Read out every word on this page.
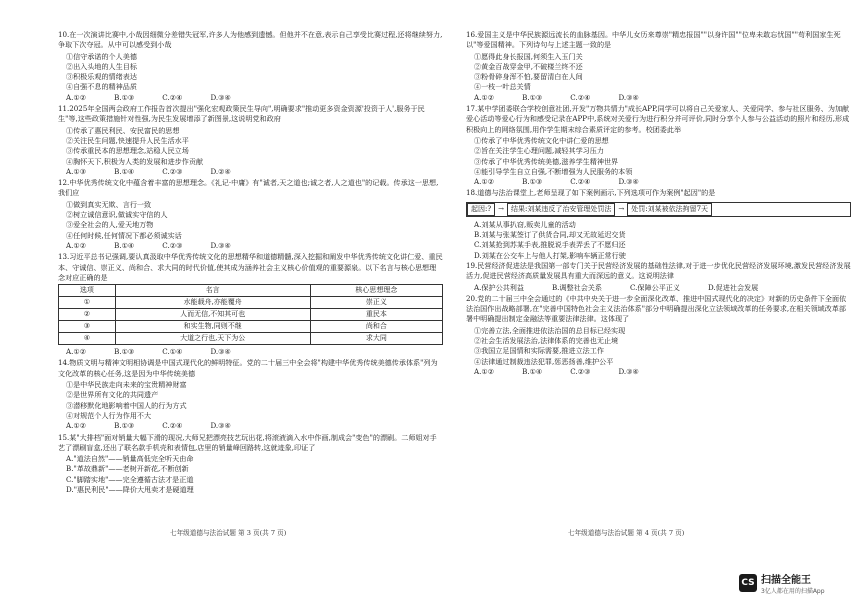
10.在一次演讲比赛中,小哉因细微分差错失冠军,许多人为他感到遗憾。但他并不在意,表示自己享受比赛过程,还将继续努力,争取下次夺冠。从中可以感受到小哉
①信守承诺的个人美德
②出入头地的人生目标
③积极乐观的情绪表达
④自强不息的精神品质
A.①②	B.①③	C.②④	D.③④
11.2025年全国两会政府工作报告首次提出"强化宏观政策民生导向",明确要求"推动更多资金资源'投资于人',服务于民生"等,这些政策措施针对性强,为民生发展增添了新图景,这说明党和政府
①传承了惠民利民、安民富民的思想
②关注民生问题,快速提升人民生活水平
③传承重民本的思想理念,站稳人民立场
④胸怀天下,积极为人类的发展和进步作贡献
A.①③	B.①④	C.②③	D.②④
12.中华优秀传统文化中蕴含着丰富的思想理念。《礼记·中庸》有"诚者,天之道也;诚之者,人之道也"的记载。传承这一思想,我们应
①做到真实无欺、言行一致
②树立诚信意识,做诚实守信的人
③爱全社会的人,爱天地万物
④任何时候,任何情况下都必须诚实话
A.①②	B.①④	C.②③	D.③④
13.习近平总书记强调,要认真汲取中华优秀传统文化的思想精华和道德精髓,深入挖掘和阐发中华优秀传统文化讲仁爱、重民本、守诚信、崇正义、尚和合、求大同的时代价值,使其成为涵养社会主义核心价值观的重要源泉。以下名言与核心思想理念对应正确的是
选项	名言	核心思想理念
①	水能载舟,亦能覆舟	崇正义
②	人而无信,不知其可也	重民本
③	和实生物,同则不继	尚和合
④	大道之行也,天下为公	求大同
A.①②	B.①③	C.①④	D.③④
14.物质文明与精神文明相协调是中国式现代化的鲜明特征。党的二十届三中全会将"构建中华优秀传统美德传承体系"列为文化改革的核心任务,这是因为中华传统美德
①是中华民族走向未来的宝贵精神财富
②是世界所有文化的共同遗产
③潜移默化地影响着中国人的行为方式
④对规范个人行为作用不大
A.①②	B.①③	C.②④	D.③④
15.某"大排档"面对销量大幅下滑的现况,大师兄把漂亮技艺玩出花,将滚液滴入水中作画,制成会"变色"的漂刷。二师姐对手艺了漂刷盲盒,还出了联名款手机壳和表情包,店里的销量峰回路转,这就迹象,印证了
A."道法自然"——销量高低完全听天由命
B."革故鼎新"——老树开新花,不断创新
C."脚踏实地"——完全遵循古法才是正道
D."惠民利民"——降价大甩卖才是硬道理
七年级道德与法治试题 第 3 页(共 7 页)
16.爱国主义是中华民族源远流长的血脉基因。中华儿女历来尊崇"精忠报国""以身许国""位卑未敢忘忧国""苟利国家生死以"等爱国精神。下列诗句与上述主题一致的是
①愿得此身长报国,何须生入玉门关
②黄金百战穿金甲,不破楼兰终不还
③粉骨碎身浑不怕,要留清白在人间
④一枝一叶总关情
A.①②	B.①③	C.②④	D.③④
17.某中学团委联合学校创意社团,开发"万物共情力"成长APP,同学可以将自己关爱家人、关爱同学、参与社区服务、为加献爱心活动等爱心行为和感受记录在APP中,系统对关爱行为进行积分并可评价,同时分享个人参与公益活动的照片和经历,形成积极向上的网络氛围,用作学生期末综合素质评定的参考。校团委此举
①传承了中华优秀传统文化中讲仁爱的思想
②旨在关注学生心理问题,减轻其学习压力
③传承了中华优秀传统美德,滋养学生精神世界
④能引导学生自立自强,不断增强为人民服务的本领
A.①②	B.①③	C.②④	D.③④
18.道德与法治课堂上,老师呈现了如下案例画示,下列选项可作为案例"起因"的是
起因:?	→	结果:刘某违反了治安管理处罚法	→	处罚:刘某被依法拘留7天
A.刘某从事扒窃,贩卖儿童的活动
B.刘某与张某签订了供货合同,却又无故延迟交货
C.刘某抢到苏某手表,推脱说手表弄丢了不愿归还
D.刘某在公交车上与他人打架,影响车辆正常行驶
19.民营经济促进法是我国第一部专门关于民营经济发展的基础性法律,对于进一步优化民营经济发展环境,激发民营经济发展活力,促进民营经济高质量发展具有重大而深远的意义。这说明法律
A.保护公共利益	B.调整社会关系	C.保障公平正义	D.促进社会发展
20.党的二十届三中全会通过的《中共中央关于进一步全面深化改革、推进中国式现代化的决定》对新的历史条件下全面依法治国作出战略部署,在"完善中国特色社会主义法治体系"部分中明确提出深化立法领域改革的任务要求,在相关领域改革部署中明确提出制定金融法等重要法律法律。这体现了
①完善立法,全面推进依法治国的总目标已经实现
②社会生活发展法治,法律体系的完善也无止境
③我国立足国情和实际需要,推进立法工作
④法律通过制裁违法犯罪,惩恶扬善,维护公平
A.①②	B.①④	C.②③	D.③④
七年级道德与法治试题 第 4 页(共 7 页)
CS 扫描全能王
3亿人都在用的扫描App
